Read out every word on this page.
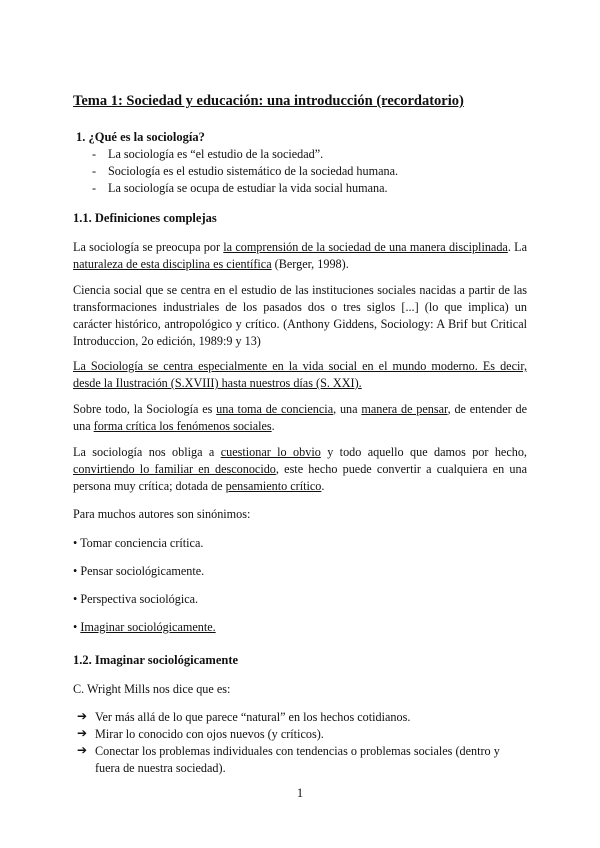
Tema 1: Sociedad y educación: una introducción (recordatorio)
1. ¿Qué es la sociología?
- La sociología es “el estudio de la sociedad”.
- Sociología es el estudio sistemático de la sociedad humana.
- La sociología se ocupa de estudiar la vida social humana.
1.1. Definiciones complejas
La sociología se preocupa por la comprensión de la sociedad de una manera disciplinada. La naturaleza de esta disciplina es científica (Berger, 1998).
Ciencia social que se centra en el estudio de las instituciones sociales nacidas a partir de las transformaciones industriales de los pasados dos o tres siglos [...] (lo que implica) un carácter histórico, antropológico y crítico. (Anthony Giddens, Sociology: A Brif but Critical Introduccion, 2o edición, 1989:9 y 13)
La Sociología se centra especialmente en la vida social en el mundo moderno. Es decir, desde la Ilustración (S.XVIII) hasta nuestros días (S. XXI).
Sobre todo, la Sociología es una toma de conciencia, una manera de pensar, de entender de una forma crítica los fenómenos sociales.
La sociología nos obliga a cuestionar lo obvio y todo aquello que damos por hecho, convirtiendo lo familiar en desconocido, este hecho puede convertir a cualquiera en una persona muy crítica; dotada de pensamiento crítico.
Para muchos autores son sinónimos:
• Tomar conciencia crítica.
• Pensar sociológicamente.
• Perspectiva sociológica.
• Imaginar sociológicamente.
1.2. Imaginar sociológicamente
C. Wright Mills nos dice que es:
➔ Ver más allá de lo que parece “natural” en los hechos cotidianos.
➔ Mirar lo conocido con ojos nuevos (y críticos).
➔ Conectar los problemas individuales con tendencias o problemas sociales (dentro y fuera de nuestra sociedad).
1
